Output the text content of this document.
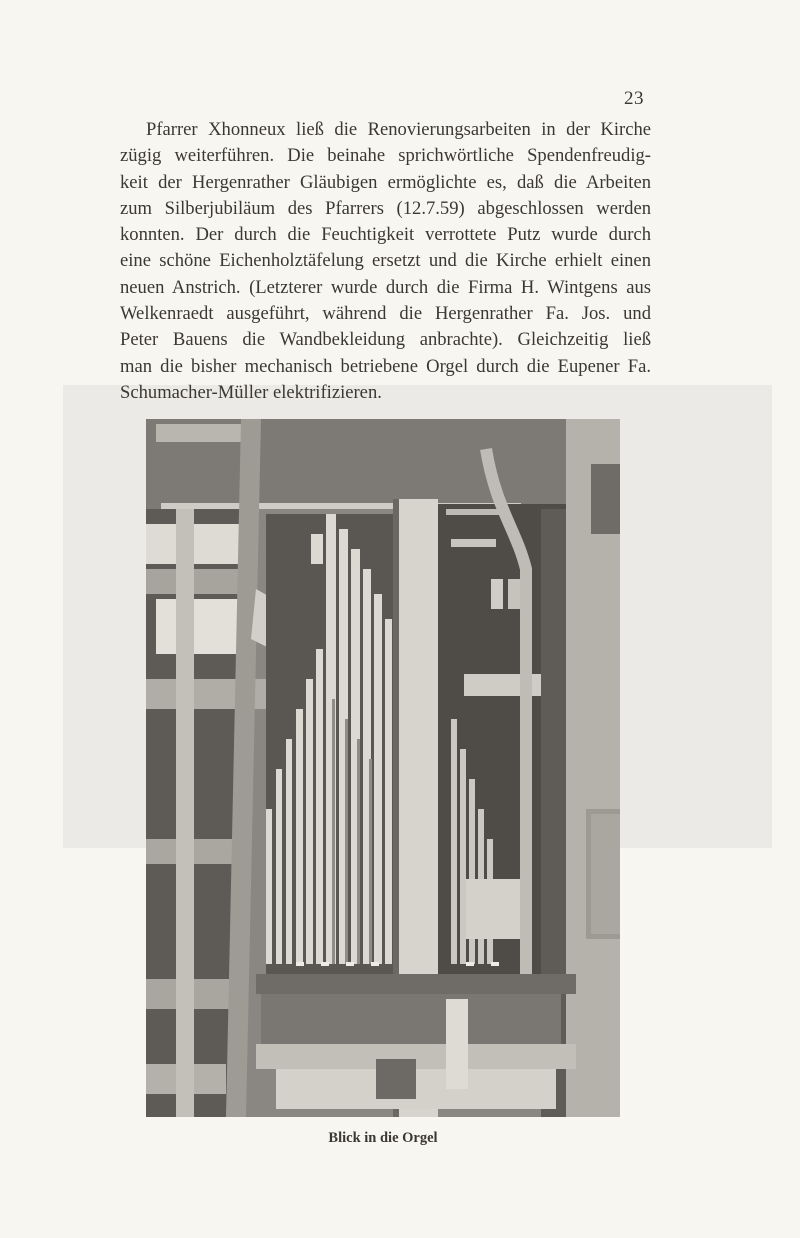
23
Pfarrer Xhonneux ließ die Renovierungsarbeiten in der Kirche
zügig weiterführen. Die beinahe sprichwörtliche Spendenfreudig-
keit der Hergenrather Gläubigen ermöglichte es, daß die Arbeiten
zum Silberjubiläum des Pfarrers (12.7.59) abgeschlossen werden
konnten. Der durch die Feuchtigkeit verrottete Putz wurde durch
eine schöne Eichenholztäfelung ersetzt und die Kirche erhielt einen
neuen Anstrich. (Letzterer wurde durch die Firma H. Wintgens aus
Welkenraedt ausgeführt, während die Hergenrather Fa. Jos. und
Peter Bauens die Wandbekleidung anbrachte). Gleichzeitig ließ
man die bisher mechanisch betriebene Orgel durch die Eupener Fa.
Schumacher-Müller elektrifizieren.
Blick in die Orgel
